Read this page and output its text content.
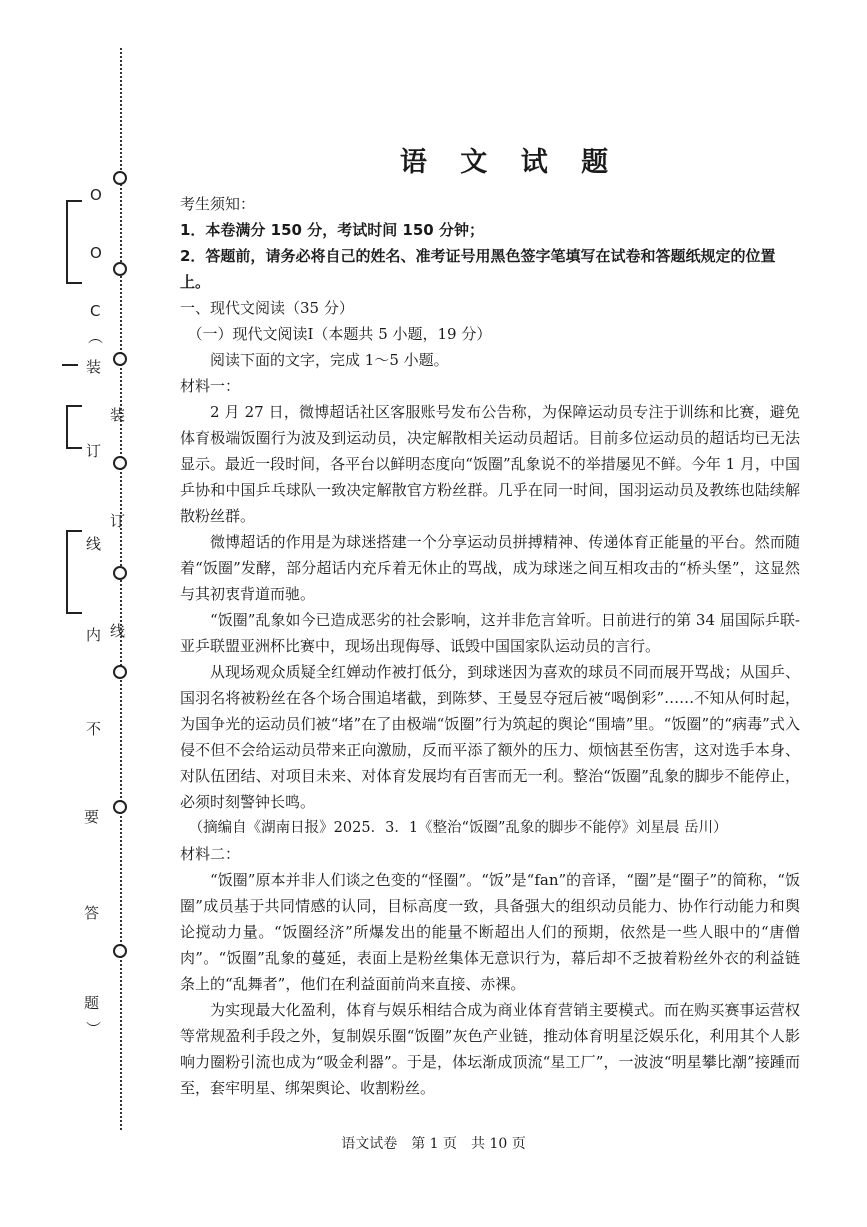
O
O
C
︵
装
订
线
内
不
要
答
题
︶
装
订
线
语 文 试 题

考生须知：

1．本卷满分 150 分，考试时间 150 分钟；

2．答题前，请务必将自己的姓名、准考证号用黑色签字笔填写在试卷和答题纸规定的位置上。

一、现代文阅读（35 分）

（一）现代文阅读Ⅰ（本题共 5 小题，19 分）

阅读下面的文字，完成 1～5 小题。

材料一：

2 月 27 日，微博超话社区客服账号发布公告称，为保障运动员专注于训练和比赛，避免体育极端饭圈行为波及到运动员，决定解散相关运动员超话。目前多位运动员的超话均已无法显示。最近一段时间，各平台以鲜明态度向“饭圈”乱象说不的举措屡见不鲜。今年 1 月，中国乒协和中国乒乓球队一致决定解散官方粉丝群。几乎在同一时间，国羽运动员及教练也陆续解散粉丝群。

微博超话的作用是为球迷搭建一个分享运动员拼搏精神、传递体育正能量的平台。然而随着“饭圈”发酵，部分超话内充斥着无休止的骂战，成为球迷之间互相攻击的“桥头堡”，这显然与其初衷背道而驰。

“饭圈”乱象如今已造成恶劣的社会影响，这并非危言耸听。日前进行的第 34 届国际乒联-亚乒联盟亚洲杯比赛中，现场出现侮辱、诋毁中国国家队运动员的言行。

从现场观众质疑全红婵动作被打低分，到球迷因为喜欢的球员不同而展开骂战；从国乒、国羽名将被粉丝在各个场合围追堵截，到陈梦、王曼昱夺冠后被“喝倒彩”……不知从何时起，为国争光的运动员们被“堵”在了由极端“饭圈”行为筑起的舆论“围墙”里。“饭圈”的“病毒”式入侵不但不会给运动员带来正向激励，反而平添了额外的压力、烦恼甚至伤害，这对选手本身、对队伍团结、对项目未来、对体育发展均有百害而无一利。整治“饭圈”乱象的脚步不能停止，必须时刻警钟长鸣。

（摘编自《湖南日报》2025．3．1《整治“饭圈”乱象的脚步不能停》刘星晨 岳川）

材料二：

“饭圈”原本并非人们谈之色变的“怪圈”。“饭”是“fan”的音译，“圈”是“圈子”的简称，“饭圈”成员基于共同情感的认同，目标高度一致，具备强大的组织动员能力、协作行动能力和舆论搅动力量。“饭圈经济”所爆发出的能量不断超出人们的预期，依然是一些人眼中的“唐僧肉”。“饭圈”乱象的蔓延，表面上是粉丝集体无意识行为，幕后却不乏披着粉丝外衣的利益链条上的“乱舞者”，他们在利益面前尚来直接、赤裸。

为实现最大化盈利，体育与娱乐相结合成为商业体育营销主要模式。而在购买赛事运营权等常规盈利手段之外，复制娱乐圈“饭圈”灰色产业链，推动体育明星泛娱乐化，利用其个人影响力圈粉引流也成为“吸金利器”。于是，体坛渐成顶流“星工厂”，一波波“明星攀比潮”接踵而至，套牢明星、绑架舆论、收割粉丝。

语文试卷　第 1 页　共 10 页
